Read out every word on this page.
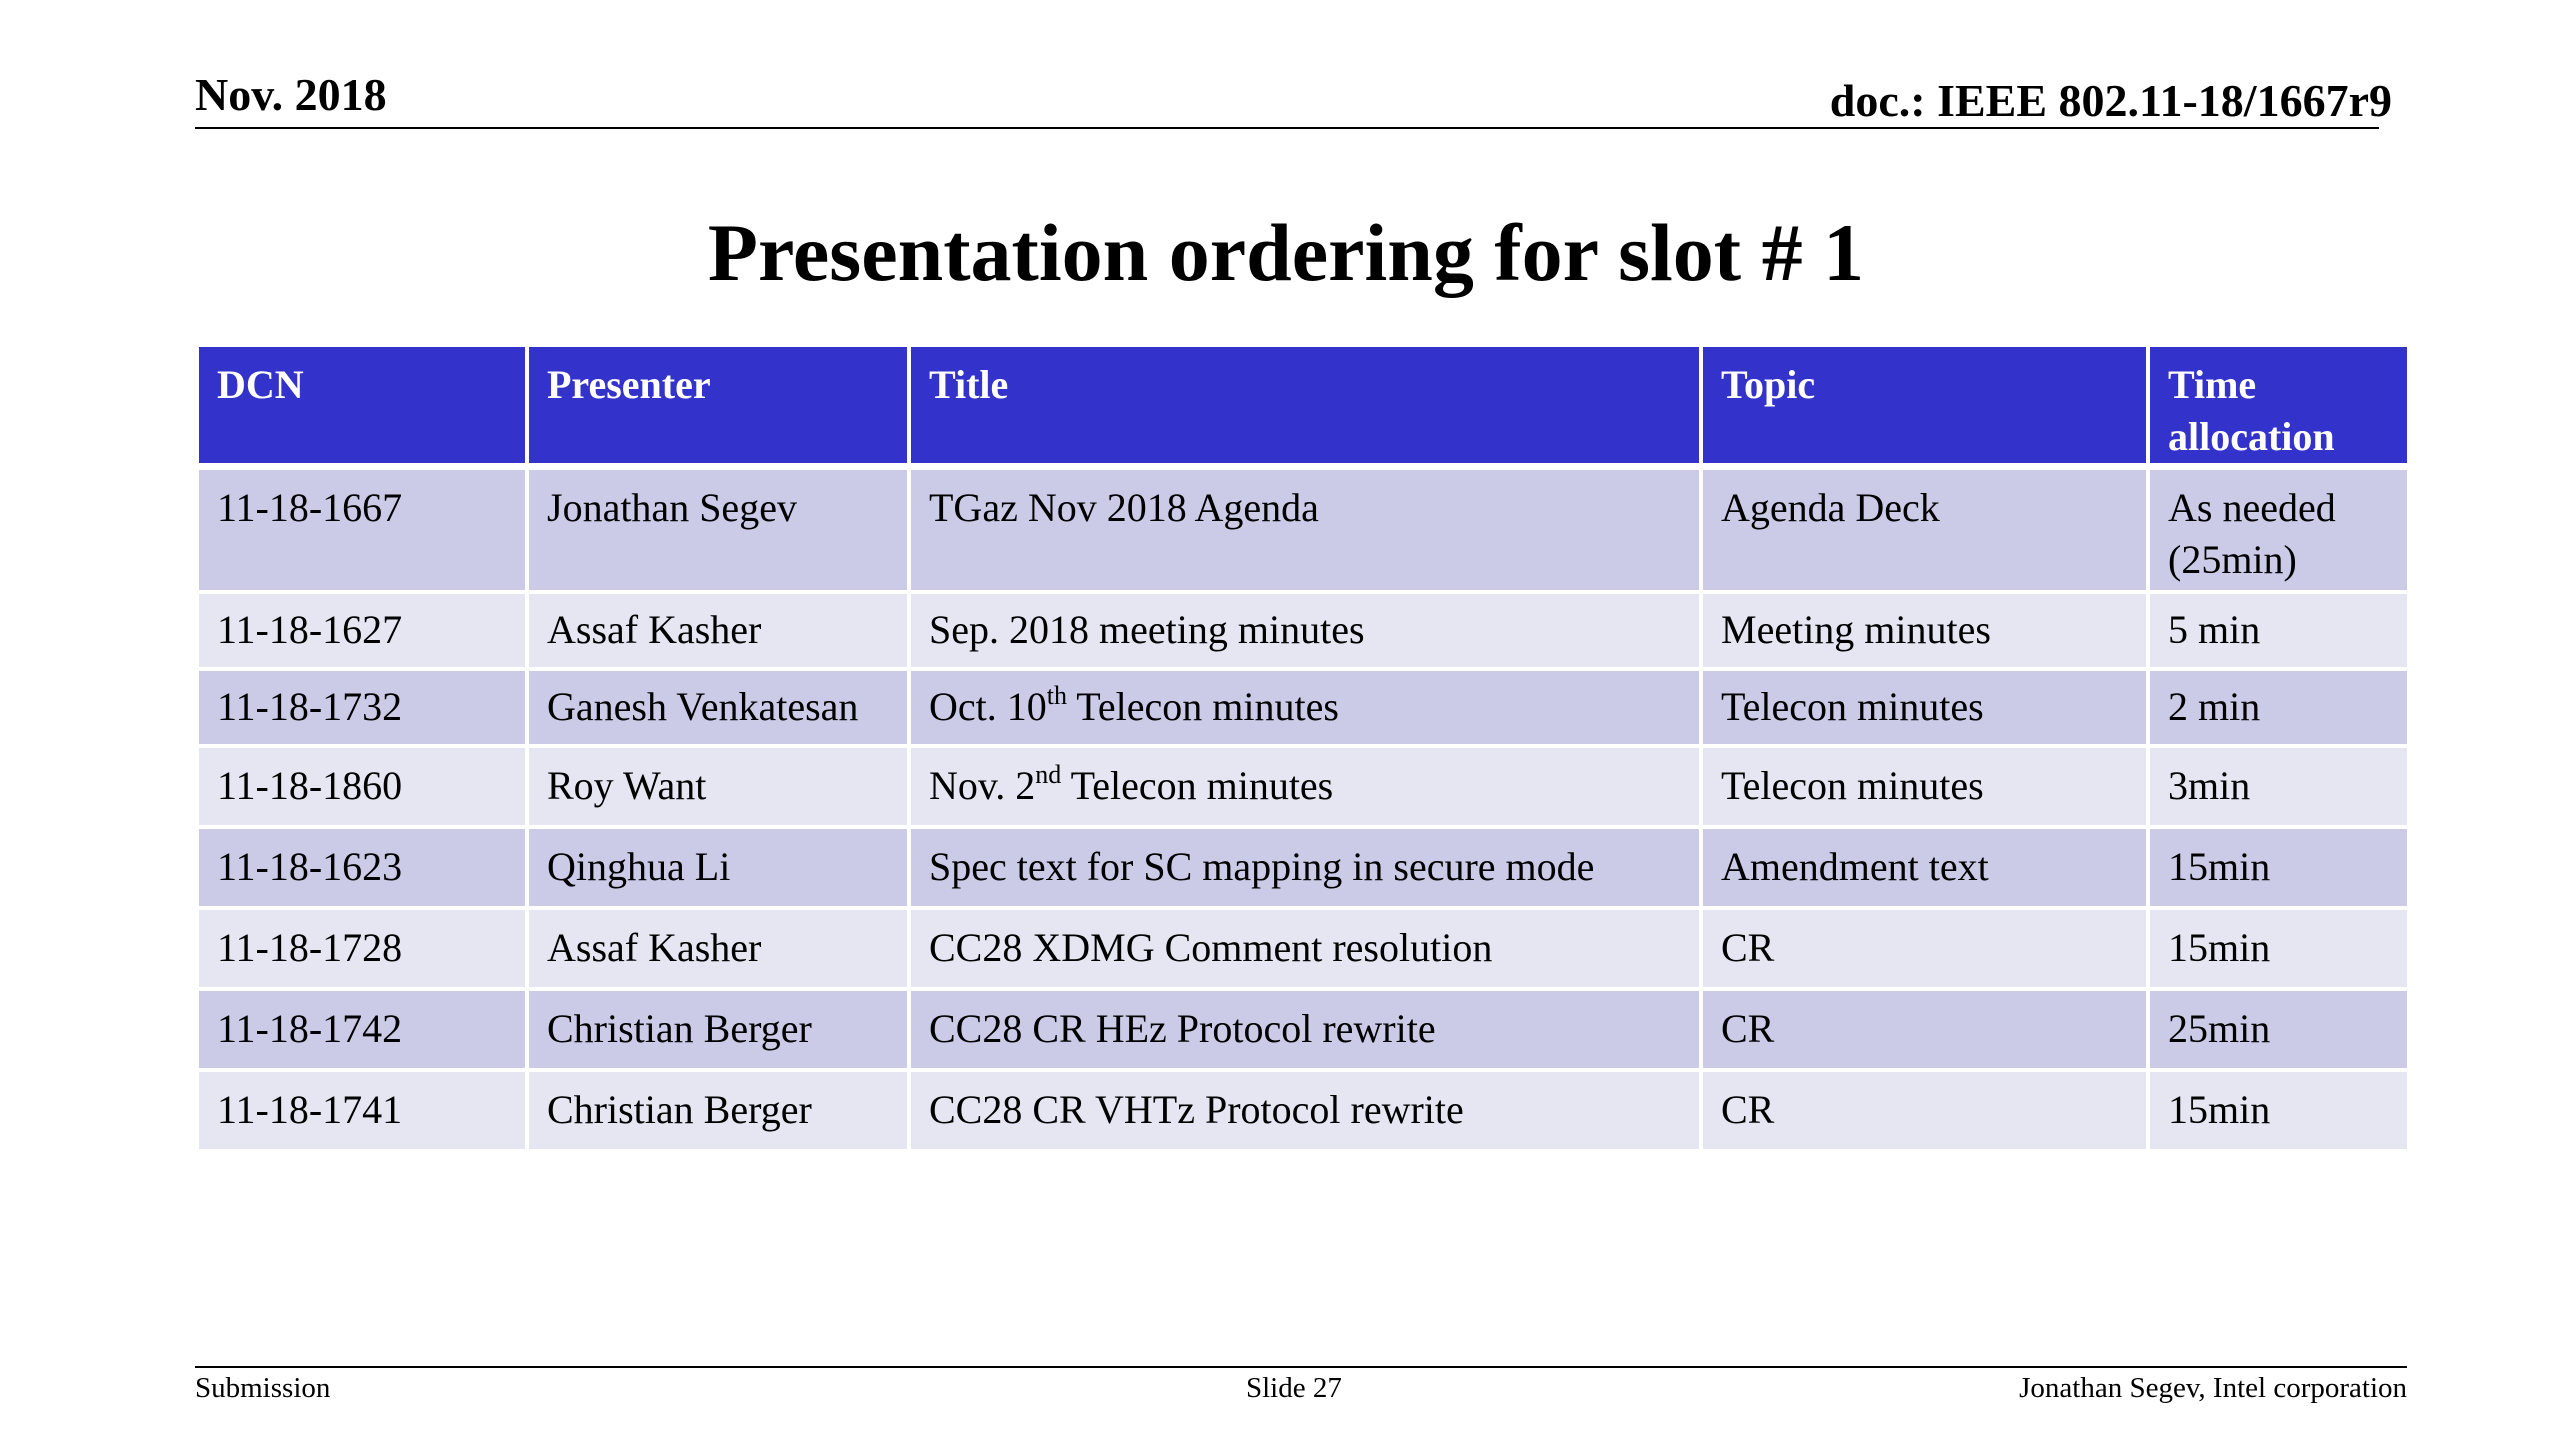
Nov. 2018	doc.: IEEE 802.11-18/1667r9
Presentation ordering for slot # 1
DCN	Presenter	Title	Topic	Time allocation
11-18-1667	Jonathan Segev	TGaz Nov 2018 Agenda	Agenda Deck	As needed (25min)
11-18-1627	Assaf Kasher	Sep. 2018 meeting minutes	Meeting minutes	5 min
11-18-1732	Ganesh Venkatesan	Oct. 10th Telecon minutes	Telecon minutes	2 min
11-18-1860	Roy Want	Nov. 2nd Telecon minutes	Telecon minutes	3min
11-18-1623	Qinghua Li	Spec text for SC mapping in secure mode	Amendment text	15min
11-18-1728	Assaf Kasher	CC28 XDMG Comment resolution	CR	15min
11-18-1742	Christian Berger	CC28 CR HEz Protocol rewrite	CR	25min
11-18-1741	Christian Berger	CC28 CR VHTz Protocol rewrite	CR	15min
Submission	Slide 27	Jonathan Segev, Intel corporation
